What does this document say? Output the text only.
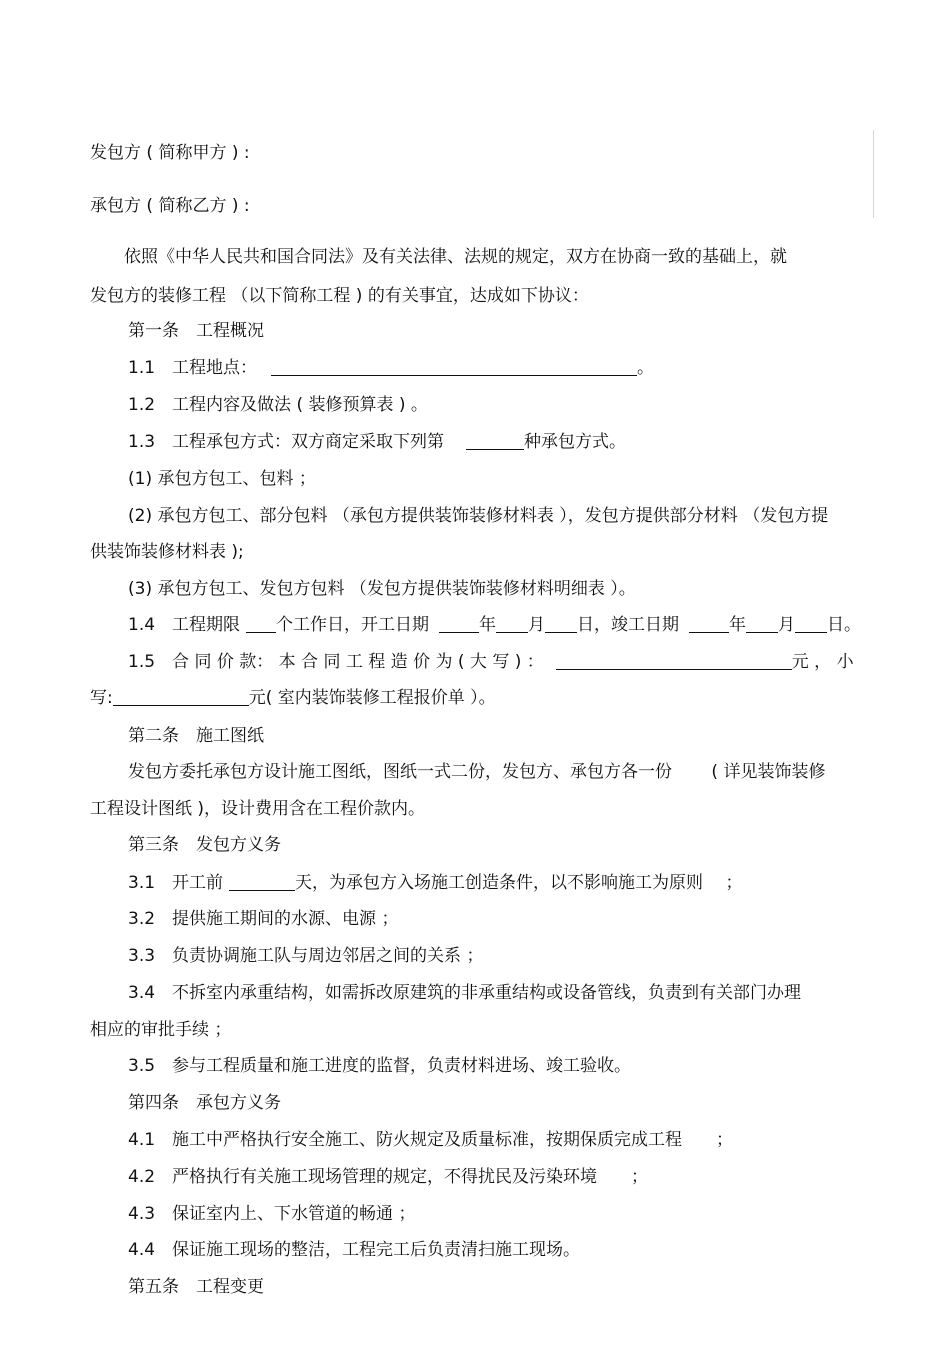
发包方 ( 简称甲方 ) :
承包方 ( 简称乙方 ) :
依照《中华人民共和国合同法》及有关法律、法规的规定，双方在协商一致的基础上，就
发包方的装修工程 （以下简称工程 ) 的有关事宜，达成如下协议：
第一条　工程概况
1.1　工程地点：	。
1.2　工程内容及做法 ( 装修预算表 ) 。
1.3　工程承包方式：双方商定采取下列第	种承包方式。
(1) 承包方包工、包料 ；
(2) 承包方包工、部分包料 （承包方提供装饰装修材料表 ），发包方提供部分材料 （发包方提
供装饰装修材料表 );
(3) 承包方包工、发包方包料 （发包方提供装饰装修材料明细表 ）。
1.4　工程期限 个工作日，开工日期	年 月 日，竣工日期	年 月 日。
1.5　合 同 价 款： 本 合 同 工 程 造 价 为 ( 大 写 ) ：	元 ， 小
写:	元( 室内装饰装修工程报价单 ）。
第二条　施工图纸
发包方委托承包方设计施工图纸，图纸一式二份，发包方、承包方各一份　　 ( 详见装饰装修
工程设计图纸 )，设计费用含在工程价款内。
第三条　发包方义务
3.1　开工前	天，为承包方入场施工创造条件，以不影响施工为原则　 ；
3.2　提供施工期间的水源、电源 ；
3.3　负责协调施工队与周边邻居之间的关系 ；
3.4　不拆室内承重结构，如需拆改原建筑的非承重结构或设备管线，负责到有关部门办理
相应的审批手续 ；
3.5　参与工程质量和施工进度的监督，负责材料进场、竣工验收。
第四条　承包方义务
4.1　施工中严格执行安全施工、防火规定及质量标准，按期保质完成工程　　；
4.2　严格执行有关施工现场管理的规定，不得扰民及污染环境　　；
4.3　保证室内上、下水管道的畅通 ；
4.4　保证施工现场的整洁，工程完工后负责清扫施工现场。
第五条　工程变更
